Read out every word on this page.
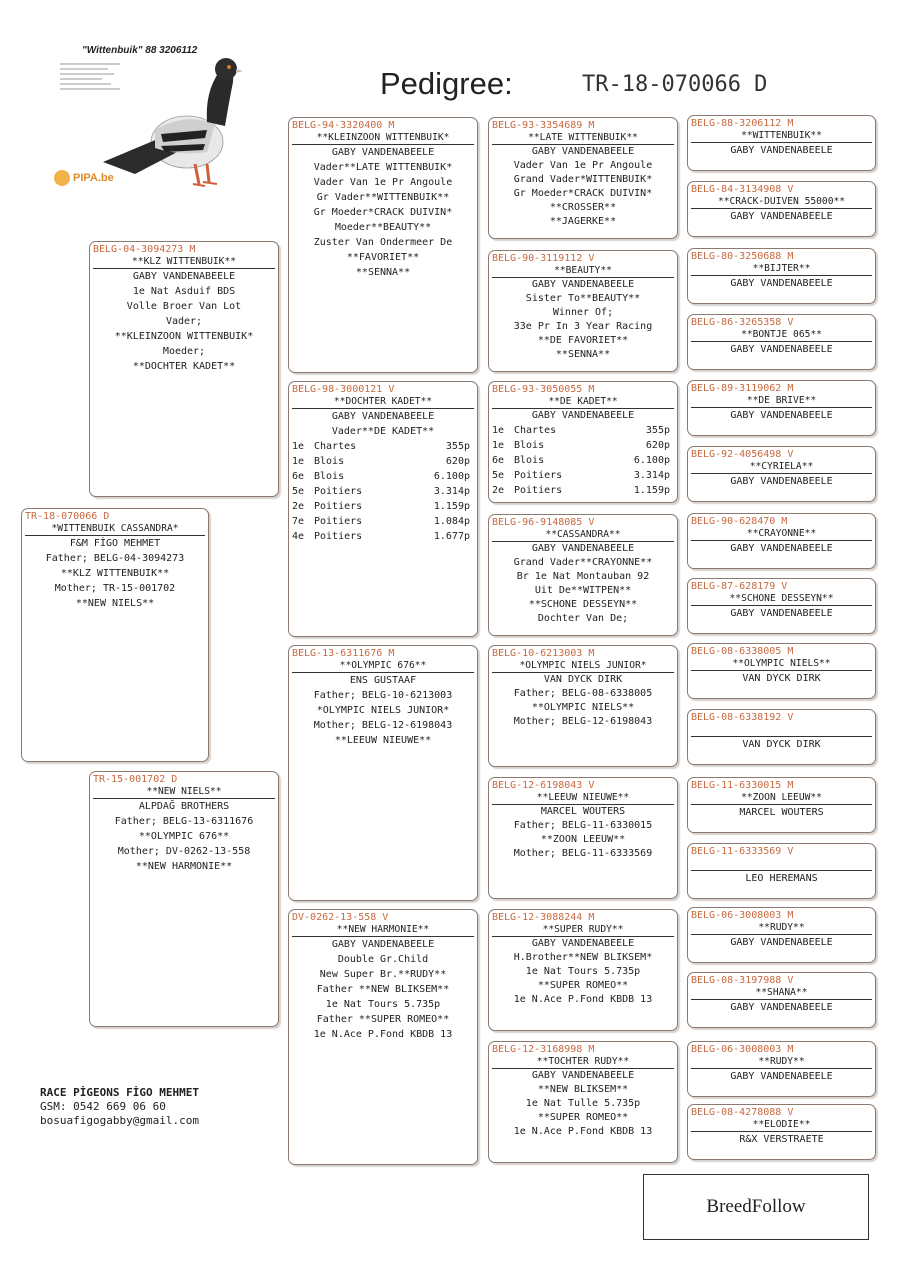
"Wittenbuik" 88 3206112
PIPA.be
Pedigree:	TR-18-070066 D
TR-18-070066 D
*WITTENBUIK CASSANDRA*
F&M FİGO MEHMET
Father; BELG-04-3094273
**KLZ WITTENBUIK**
Mother; TR-15-001702
**NEW NIELS**
BELG-04-3094273 M
**KLZ WITTENBUIK**
GABY VANDENABEELE
1e Nat Asduif BDS
Volle Broer Van Lot
Vader;
**KLEINZOON WITTENBUIK*
Moeder;
**DOCHTER KADET**
TR-15-001702 D
**NEW NIELS**
ALPDAĞ BROTHERS
Father; BELG-13-6311676
**OLYMPIC 676**
Mother; DV-0262-13-558
**NEW HARMONIE**
BELG-94-3320400 M
**KLEINZOON WITTENBUIK*
GABY VANDENABEELE
Vader**LATE WITTENBUIK*
Vader Van 1e Pr Angoule
Gr Vader**WITTENBUIK**
Gr Moeder*CRACK DUIVIN*
Moeder**BEAUTY**
Zuster Van Ondermeer De
**FAVORIET**
**SENNA**
BELG-98-3000121 V
**DOCHTER KADET**
GABY VANDENABEELE
Vader**DE KADET**
1e Chartes	355p
1e Blois	620p
6e Blois	6.100p
5e Poitiers	3.314p
2e Poitiers	1.159p
7e Poitiers	1.084p
4e Poitiers	1.677p
BELG-13-6311676 M
**OLYMPIC 676**
ENS GUSTAAF
Father; BELG-10-6213003
*OLYMPIC NIELS JUNIOR*
Mother; BELG-12-6198043
**LEEUW NIEUWE**
DV-0262-13-558 V
**NEW HARMONIE**
GABY VANDENABEELE
Double Gr.Child
New Super Br.**RUDY**
Father **NEW BLIKSEM**
1e Nat Tours 5.735p
Father **SUPER ROMEO**
1e N.Ace P.Fond KBDB 13
BELG-93-3354689 M
**LATE WITTENBUIK**
GABY VANDENABEELE
Vader Van 1e Pr Angoule
Grand Vader*WITTENBUIK*
Gr Moeder*CRACK DUIVIN*
**CROSSER**
**JAGERKE**
BELG-90-3119112 V
**BEAUTY**
GABY VANDENABEELE
Sister To**BEAUTY**
Winner Of;
33e Pr In 3 Year Racing
**DE FAVORIET**
**SENNA**
BELG-93-3050055 M
**DE KADET**
GABY VANDENABEELE
1e Chartes	355p
1e Blois	620p
6e Blois	6.100p
5e Poitiers	3.314p
2e Poitiers	1.159p
BELG-96-9148085 V
**CASSANDRA**
GABY VANDENABEELE
Grand Vader**CRAYONNE**
Br 1e Nat Montauban 92
Uit De**WITPEN**
**SCHONE DESSEYN**
Dochter Van De;
BELG-10-6213003 M
*OLYMPIC NIELS JUNIOR*
VAN DYCK DIRK
Father; BELG-08-6338005
**OLYMPIC NIELS**
Mother; BELG-12-6198043
BELG-12-6198043 V
**LEEUW NIEUWE**
MARCEL WOUTERS
Father; BELG-11-6330015
**ZOON LEEUW**
Mother; BELG-11-6333569
BELG-12-3088244 M
**SUPER RUDY**
GABY VANDENABEELE
H.Brother**NEW BLIKSEM*
1e Nat Tours 5.735p
**SUPER ROMEO**
1e N.Ace P.Fond KBDB 13
BELG-12-3168998 M
**TOCHTER RUDY**
GABY VANDENABEELE
**NEW BLIKSEM**
1e Nat Tulle 5.735p
**SUPER ROMEO**
1e N.Ace P.Fond KBDB 13
BELG-88-3206112 M
**WITTENBUIK**
GABY VANDENABEELE
BELG-84-3134908 V
**CRACK-DUIVEN 55000**
GABY VANDENABEELE
BELG-80-3250688 M
**BIJTER**
GABY VANDENABEELE
BELG-86-3265358 V
**BONTJE 065**
GABY VANDENABEELE
BELG-89-3119062 M
**DE BRIVE**
GABY VANDENABEELE
BELG-92-4056498 V
**CYRIELA**
GABY VANDENABEELE
BELG-90-628470 M
**CRAYONNE**
GABY VANDENABEELE
BELG-87-628179 V
**SCHONE DESSEYN**
GABY VANDENABEELE
BELG-08-6338005 M
**OLYMPIC NIELS**
VAN DYCK DIRK
BELG-08-6338192 V
VAN DYCK DIRK
BELG-11-6330015 M
**ZOON LEEUW**
MARCEL WOUTERS
BELG-11-6333569 V
LEO HEREMANS
BELG-06-3008003 M
**RUDY**
GABY VANDENABEELE
BELG-08-3197988 V
**SHANA**
GABY VANDENABEELE
BELG-06-3008003 M
**RUDY**
GABY VANDENABEELE
BELG-08-4278088 V
**ELODIE**
R&X VERSTRAETE
RACE PİGEONS FİGO MEHMET
GSM: 0542 669 06 60
bosuafigogabby@gmail.com
BreedFollow
